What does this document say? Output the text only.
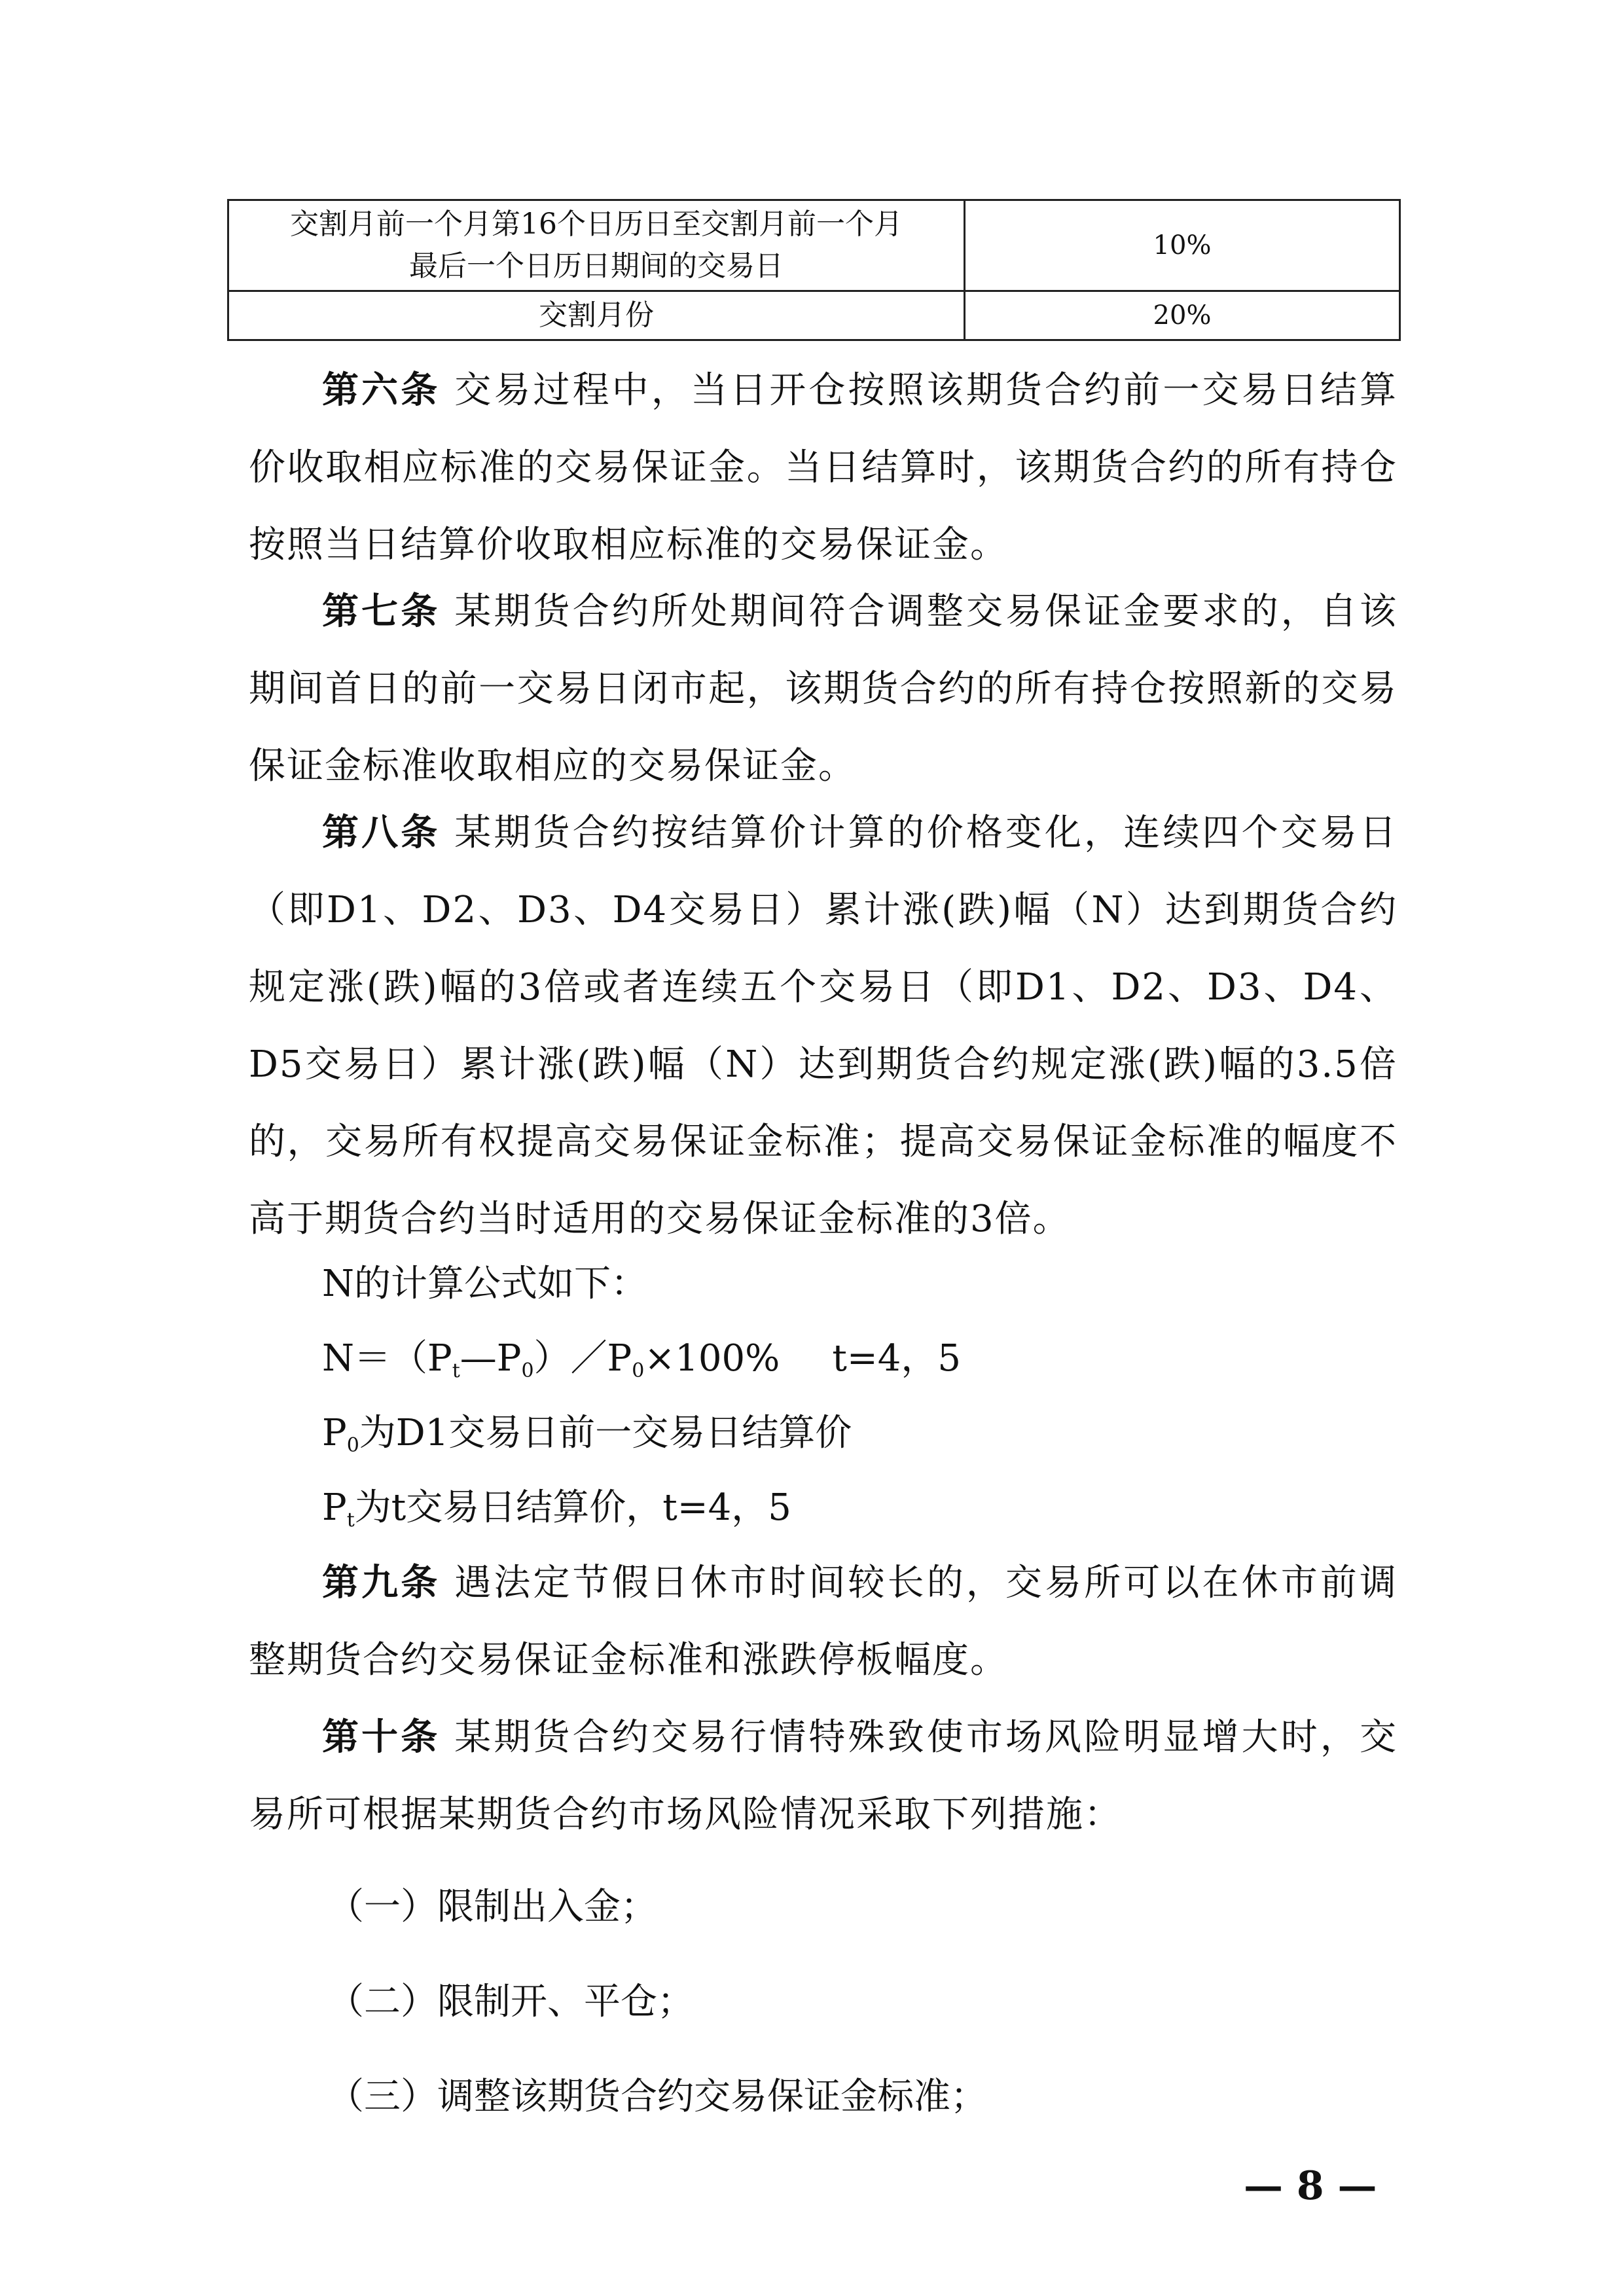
交割月前一个月第16个日历日至交割月前一个月
最后一个日历日期间的交易日	10%
交割月份	20%

第六条 交易过程中，当日开仓按照该期货合约前一交易日结算价收取相应标准的交易保证金。当日结算时，该期货合约的所有持仓按照当日结算价收取相应标准的交易保证金。

第七条 某期货合约所处期间符合调整交易保证金要求的，自该期间首日的前一交易日闭市起，该期货合约的所有持仓按照新的交易保证金标准收取相应的交易保证金。

第八条 某期货合约按结算价计算的价格变化，连续四个交易日（即D1、D2、D3、D4交易日）累计涨(跌)幅（N）达到期货合约规定涨(跌)幅的3倍或者连续五个交易日（即D1、D2、D3、D4、D5交易日）累计涨(跌)幅（N）达到期货合约规定涨(跌)幅的3.5倍的，交易所有权提高交易保证金标准；提高交易保证金标准的幅度不高于期货合约当时适用的交易保证金标准的3倍。

N的计算公式如下：

$N=(P_t—P_0)/P_0\times 100\%$ t=4，5

$P_0$为D1交易日前一交易日结算价

$P_t$为t交易日结算价，t=4，5

第九条 遇法定节假日休市时间较长的，交易所可以在休市前调整期货合约交易保证金标准和涨跌停板幅度。

第十条 某期货合约交易行情特殊致使市场风险明显增大时，交易所可根据某期货合约市场风险情况采取下列措施：

（一）限制出入金；

（二）限制开、平仓；

（三）调整该期货合约交易保证金标准；

— 8 —
